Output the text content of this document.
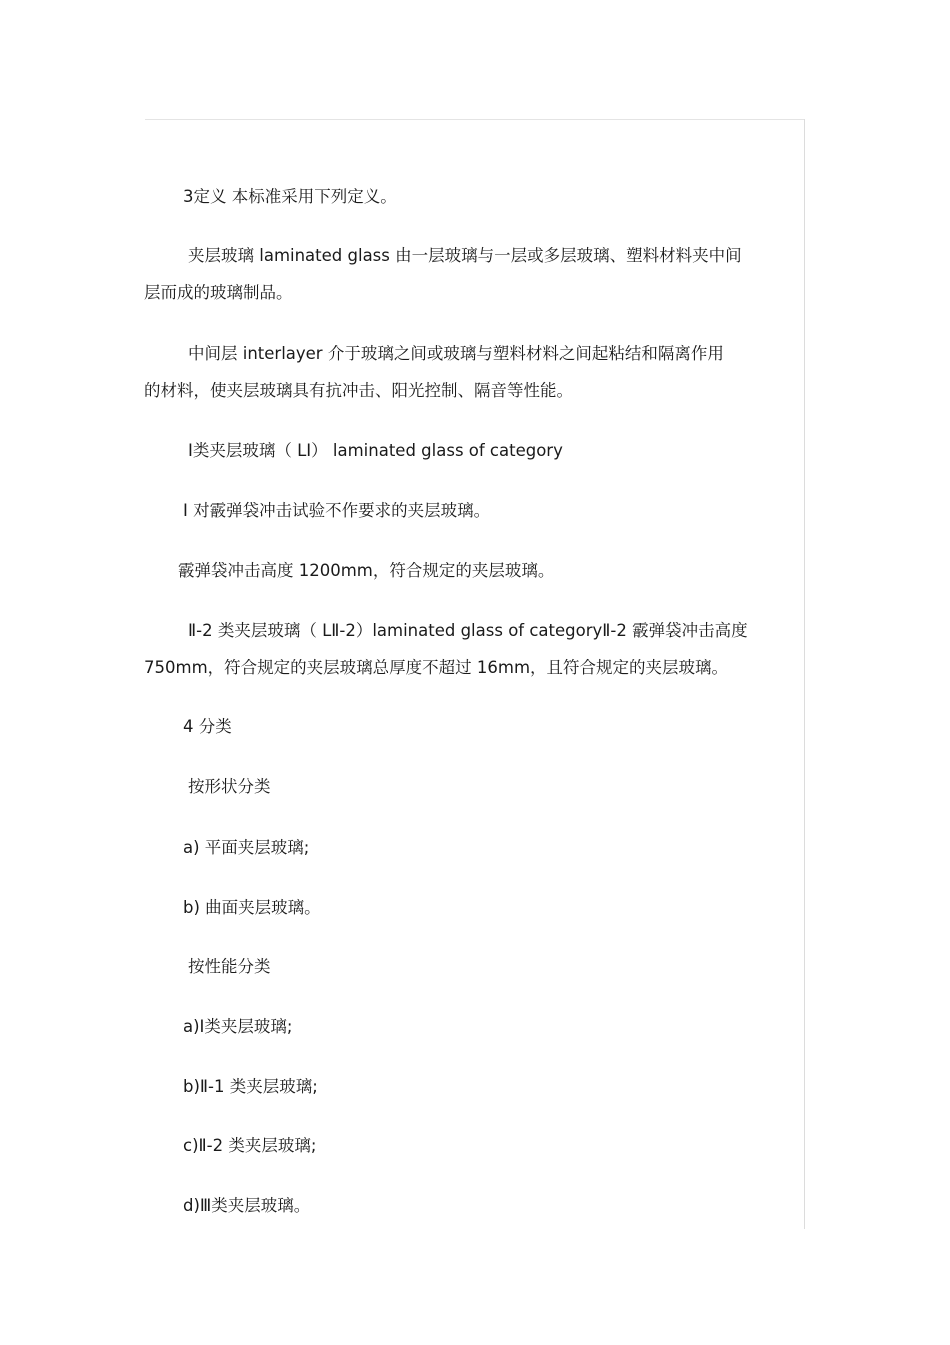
3定义 本标准采用下列定义。

夹层玻璃 laminated glass 由一层玻璃与一层或多层玻璃、塑料材料夹中间

层而成的玻璃制品。

中间层 interlayer 介于玻璃之间或玻璃与塑料材料之间起粘结和隔离作用

的材料，使夹层玻璃具有抗冲击、阳光控制、隔音等性能。

Ⅰ类夹层玻璃（ LⅠ） laminated glass of category

Ⅰ 对霰弹袋冲击试验不作要求的夹层玻璃。

霰弹袋冲击高度 1200mm，符合规定的夹层玻璃。

Ⅱ-2 类夹层玻璃（ LⅡ-2）laminated glass of categoryⅡ-2 霰弹袋冲击高度

750mm，符合规定的夹层玻璃总厚度不超过 16mm，且符合规定的夹层玻璃。

4 分类

按形状分类

a) 平面夹层玻璃;

b) 曲面夹层玻璃。

按性能分类

a)Ⅰ类夹层玻璃;

b)Ⅱ-1 类夹层玻璃;

c)Ⅱ-2 类夹层玻璃;

d)Ⅲ类夹层玻璃。
